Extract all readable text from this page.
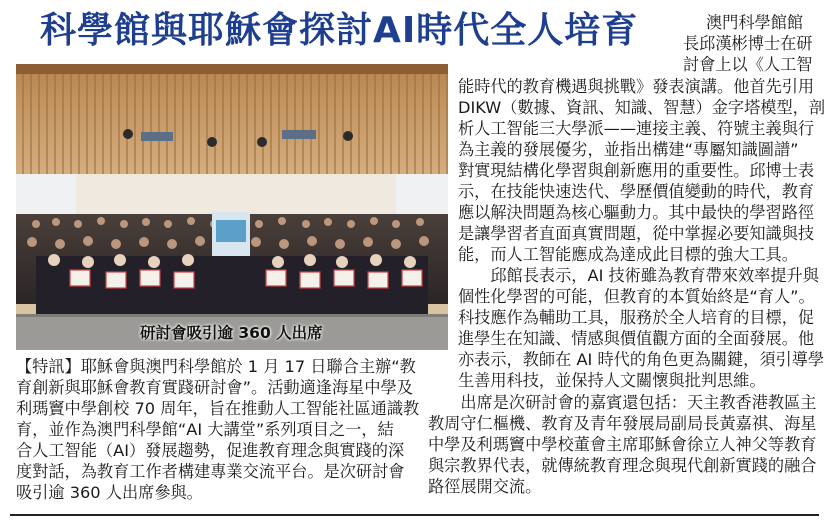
科學館與耶穌會探討AI時代全人培育	澳門科學館館
長邱漢彬博士在研
討會上以《人工智
研討會吸引逾 360 人出席
能時代的教育機遇與挑戰》發表演講。他首先引用
DIKW（數據、資訊、知識、智慧）金字塔模型，剖
析人工智能三大學派——連接主義、符號主義與行
為主義的發展優劣，並指出構建“專屬知識圖譜”
對實現結構化學習與創新應用的重要性。邱博士表
示，在技能快速迭代、學歷價值變動的時代，教育
應以解決問題為核心驅動力。其中最快的學習路徑
是讓學習者直面真實問題，從中掌握必要知識與技
能，而人工智能應成為達成此目標的強大工具。
　　邱館長表示，AI 技術雖為教育帶來效率提升與
個性化學習的可能，但教育的本質始終是“育人”。
科技應作為輔助工具，服務於全人培育的目標，促
進學生在知識、情感與價值觀方面的全面發展。他
亦表示，教師在 AI 時代的角色更為關鍵，須引導學
生善用科技，並保持人文關懷與批判思維。
　　出席是次研討會的嘉賓還包括：天主教香港教區主
教周守仁樞機、教育及青年發展局副局長黃嘉祺、海星
中學及利瑪竇中學校董會主席耶穌會徐立人神父等教育
與宗教界代表，就傳統教育理念與現代創新實踐的融合
路徑展開交流。
【特訊】耶穌會與澳門科學館於 1 月 17 日聯合主辦“教
育創新與耶穌會教育實踐研討會”。活動適逢海星中學及
利瑪竇中學創校 70 周年，旨在推動人工智能社區通識教
育，並作為澳門科學館“AI 大講堂”系列項目之一，結
合人工智能（AI）發展趨勢，促進教育理念與實踐的深
度對話，為教育工作者構建專業交流平台。是次研討會
吸引逾 360 人出席參與。
